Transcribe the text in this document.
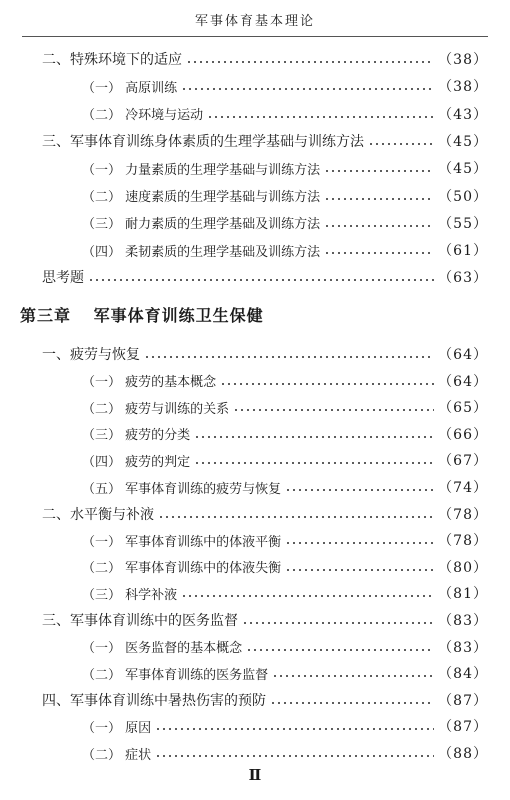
军事体育基本理论
二、特殊环境下的适应	（38）
（一） 高原训练	（38）
（二） 冷环境与运动	（43）
三、军事体育训练身体素质的生理学基础与训练方法	（45）
（一） 力量素质的生理学基础与训练方法	（45）
（二） 速度素质的生理学基础与训练方法	（50）
（三） 耐力素质的生理学基础及训练方法	（55）
（四） 柔韧素质的生理学基础及训练方法	（61）
思考题	（63）
第三章 军事体育训练卫生保健
一、疲劳与恢复	（64）
（一） 疲劳的基本概念	（64）
（二） 疲劳与训练的关系	（65）
（三） 疲劳的分类	（66）
（四） 疲劳的判定	（67）
（五） 军事体育训练的疲劳与恢复	（74）
二、水平衡与补液	（78）
（一） 军事体育训练中的体液平衡	（78）
（二） 军事体育训练中的体液失衡	（80）
（三） 科学补液	（81）
三、军事体育训练中的医务监督	（83）
（一） 医务监督的基本概念	（83）
（二） 军事体育训练的医务监督	（84）
四、军事体育训练中暑热伤害的预防	（87）
（一） 原因	（87）
（二） 症状	（88）
Ⅱ
